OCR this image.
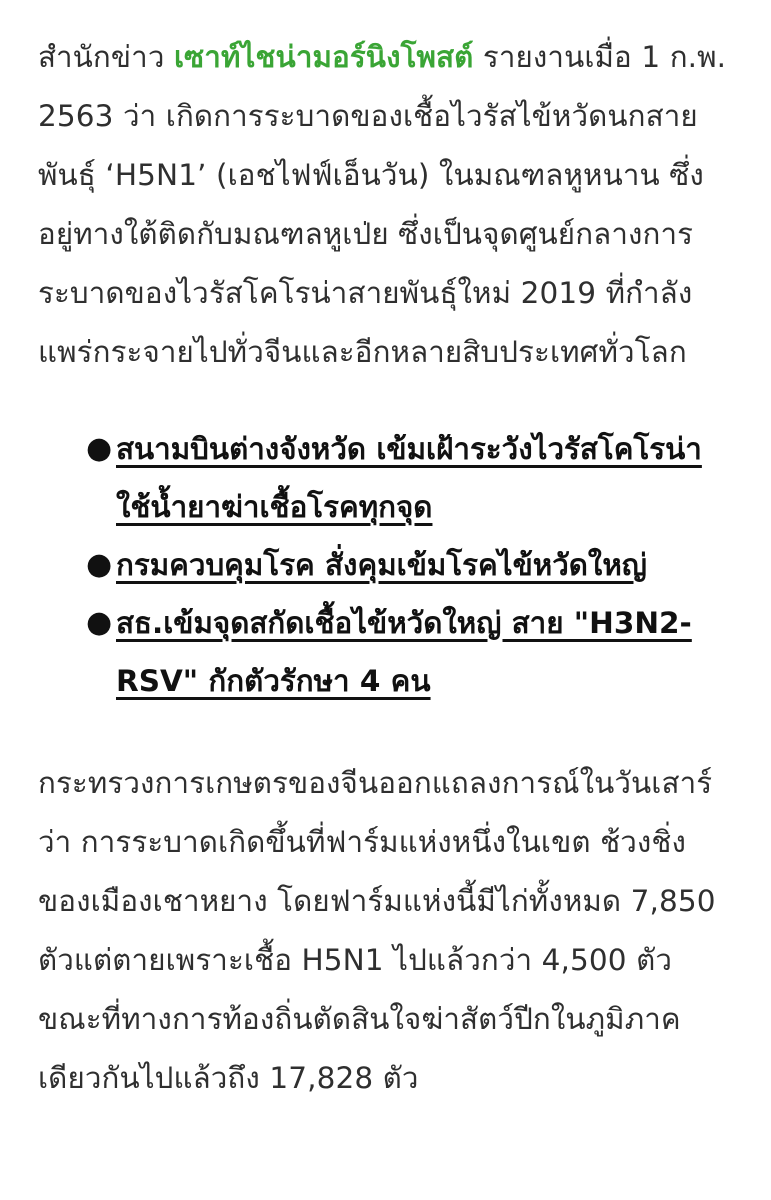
สำนักข่าว เซาท์ไชน่ามอร์นิงโพสต์ รายงานเมื่อ 1 ก.พ. 2563 ว่า เกิดการระบาดของเชื้อไวรัสไข้หวัดนกสายพันธุ์ ‘H5N1’ (เอชไฟฟ์เอ็นวัน) ในมณฑลหูหนาน ซึ่งอยู่ทางใต้ติดกับมณฑลหูเป่ย ซึ่งเป็นจุดศูนย์กลางการระบาดของไวรัสโคโรน่าสายพันธุ์ใหม่ 2019 ที่กำลังแพร่กระจายไปทั่วจีนและอีกหลายสิบประเทศทั่วโลก

● สนามบินต่างจังหวัด เข้มเฝ้าระวังไวรัสโคโรน่า ใช้น้ำยาฆ่าเชื้อโรคทุกจุด
● กรมควบคุมโรค สั่งคุมเข้มโรคไข้หวัดใหญ่
● สธ.เข้มจุดสกัดเชื้อไข้หวัดใหญ่ สาย "H3N2-RSV" กักตัวรักษา 4 คน

กระทรวงการเกษตรของจีนออกแถลงการณ์ในวันเสาร์ว่า การระบาดเกิดขึ้นที่ฟาร์มแห่งหนึ่งในเขต ช้วงชิ่ง ของเมืองเชาหยาง โดยฟาร์มแห่งนี้มีไก่ทั้งหมด 7,850 ตัวแต่ตายเพราะเชื้อ H5N1 ไปแล้วกว่า 4,500 ตัว ขณะที่ทางการท้องถิ่นตัดสินใจฆ่าสัตว์ปีกในภูมิภาคเดียวกันไปแล้วถึง 17,828 ตัว
